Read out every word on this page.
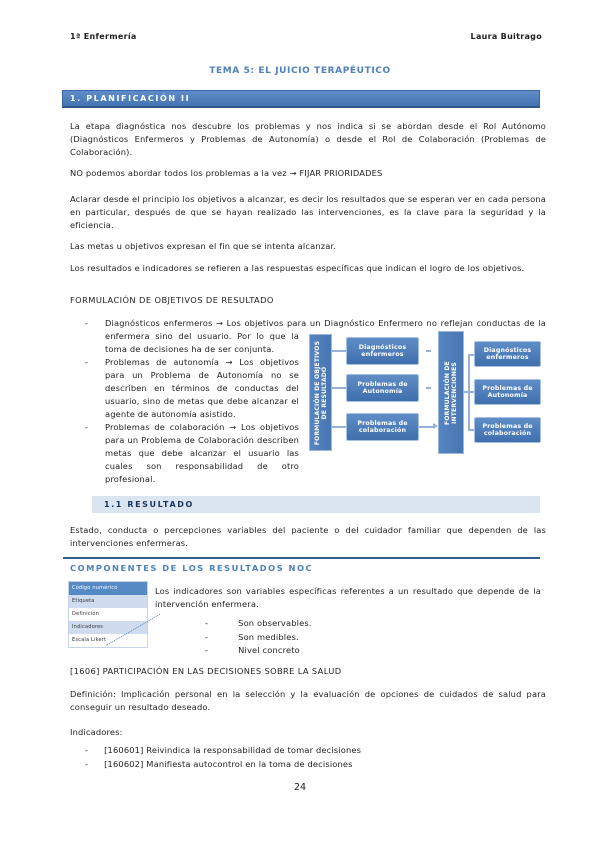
1ª Enfermería	Laura Buitrago
TEMA 5: EL JUICIO TERAPÉUTICO
1. PLANIFICACIÓN II
La etapa diagnóstica nos descubre los problemas y nos indica si se abordan desde el Rol Autónomo (Diagnósticos Enfermeros y Problemas de Autonomía) o desde el Rol de Colaboración (Problemas de Colaboración).
NO podemos abordar todos los problemas a la vez → FIJAR PRIORIDADES
Aclarar desde el principio los objetivos a alcanzar, es decir los resultados que se esperan ver en cada persona en particular, después de que se hayan realizado las intervenciones, es la clave para la seguridad y la eficiencia.
Las metas u objetivos expresan el fin que se intenta alcanzar.
Los resultados e indicadores se refieren a las respuestas específicas que indican el logro de los objetivos.
FORMULACIÓN DE OBJETIVOS DE RESULTADO
- Diagnósticos enfermeros → Los objetivos para un Diagnóstico Enfermero no reflejan conductas
FORMULACIÓN DE OBJETIVOS DE RESULTADO
Diagnósticos enfermeros
Problemas de Autonomía
Problemas de colaboración
FORMULACIÓN DE INTERVENCIONES
Diagnósticos enfermeros
Problemas de Autonomía
Problemas de colaboración
de la enfermera sino del usuario. Por lo que la toma de decisiones ha de ser conjunta.
- Problemas de autonomía → Los objetivos para un Problema de Autonomía no se describen en términos de conductas del usuario, sino de metas que debe alcanzar el agente de autonomía asistido.
- Problemas de colaboración → Los objetivos para un Problema de Colaboración describen metas que debe alcanzar el usuario las cuales son responsabilidad de otro profesional.
1.1 RESULTADO
Estado, conducta o percepciones variables del paciente o del cuidador familiar que dependen de las intervenciones enfermeras.
COMPONENTES DE LOS RESULTADOS NOC
Código numérico
Etiqueta
Definición
Indicadores
Escala Likert
Los indicadores son variables específicas referentes a un resultado que depende de la intervención enfermera.
-	Son observables.
-	Son medibles.
-	Nivel concreto
[1606] PARTICIPACIÓN EN LAS DECISIONES SOBRE LA SALUD
Definición: Implicación personal en la selección y la evaluación de opciones de cuidados de salud para conseguir un resultado deseado.
Indicadores:
- [160601] Reivindica la responsabilidad de tomar decisiones
- [160602] Manifiesta autocontrol en la toma de decisiones
24
